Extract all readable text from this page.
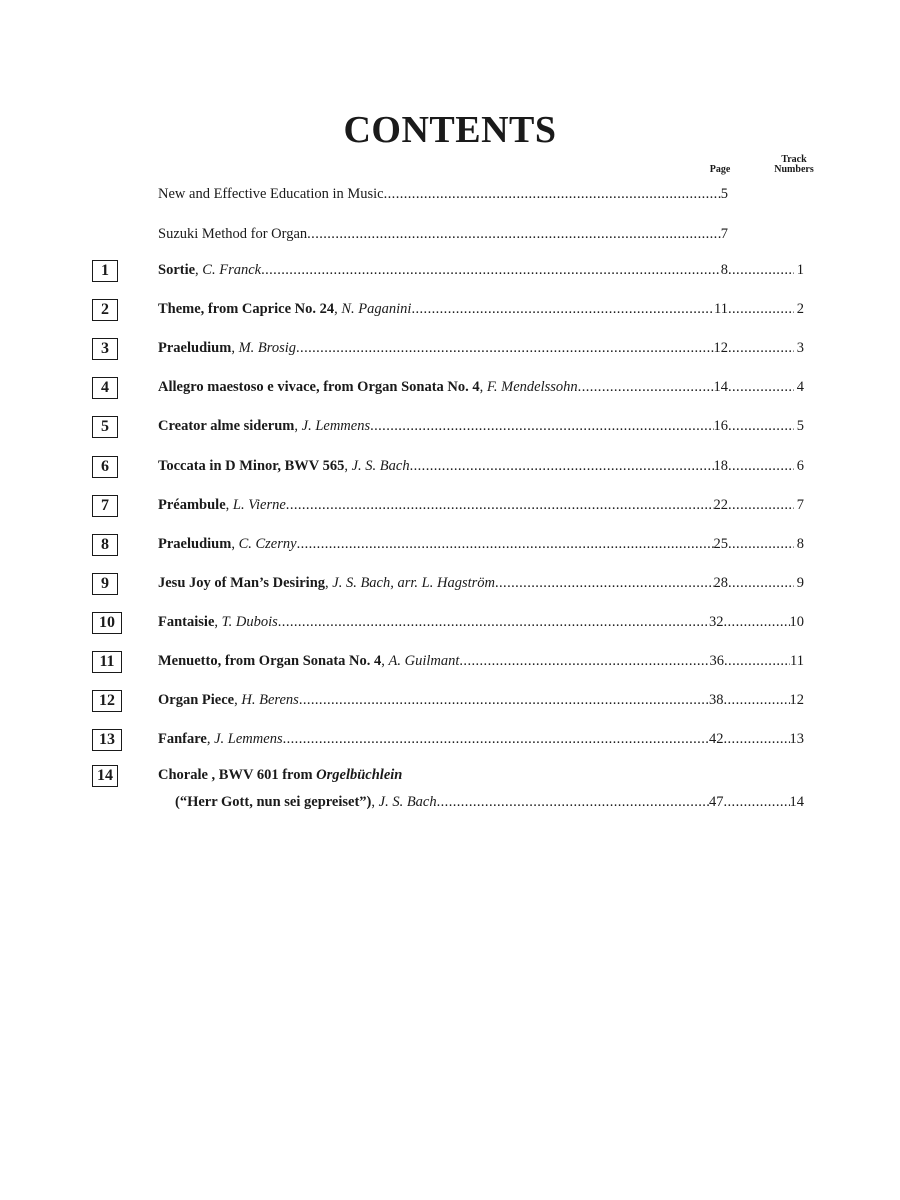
CONTENTS
Page
Track
Numbers
New and Effective Education in Music .....	5
Suzuki Method for Organ .....	7
1	Sortie, C. Franck .....	8 .....	1
2	Theme, from Caprice No. 24, N. Paganini .....	11 .....	2
3	Praeludium, M. Brosig .....	12 .....	3
4	Allegro maestoso e vivace, from Organ Sonata No. 4, F. Mendelssohn .....	14 .....	4
5	Creator alme siderum, J. Lemmens .....	16 .....	5
6	Toccata in D Minor, BWV 565, J. S. Bach .....	18 .....	6
7	Préambule, L. Vierne .....	22 .....	7
8	Praeludium, C. Czerny .....	25 .....	8
9	Jesu Joy of Man’s Desiring, J. S. Bach, arr. L. Hagström .....	28 .....	9
10	Fantaisie, T. Dubois .....	32 .....	10
11	Menuetto, from Organ Sonata No. 4, A. Guilmant .....	36 .....	11
12	Organ Piece, H. Berens .....	38 .....	12
13	Fanfare, J. Lemmens .....	42 .....	13
14	Chorale , BWV 601 from Orgelbüchlein
(“Herr Gott, nun sei gepreiset”), J. S. Bach .....	47 .....	14
